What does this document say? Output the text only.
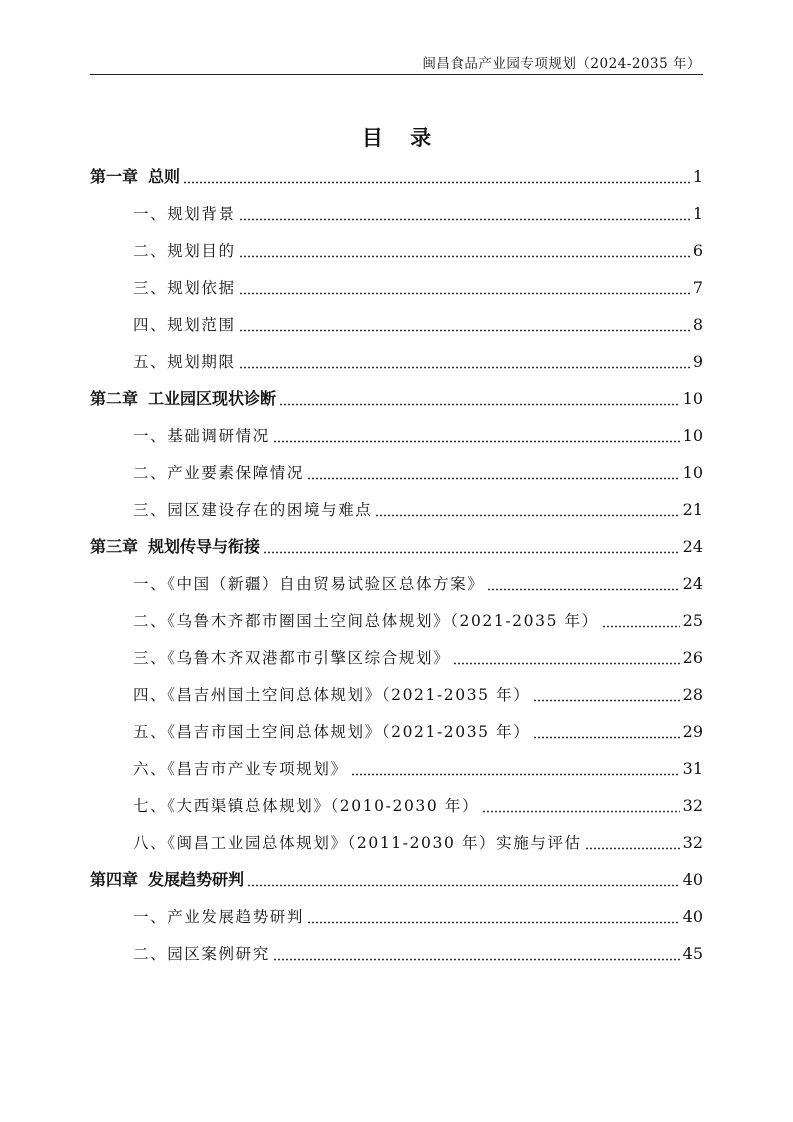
闽昌食品产业园专项规划（2024-2035 年）
目 录
第一章 总则	1
一、规划背景	1
二、规划目的	6
三、规划依据	7
四、规划范围	8
五、规划期限	9
第二章 工业园区现状诊断	10
一、基础调研情况	10
二、产业要素保障情况	10
三、园区建设存在的困境与难点	21
第三章 规划传导与衔接	24
一、《中国（新疆）自由贸易试验区总体方案》	24
二、《乌鲁木齐都市圈国土空间总体规划》（2021-2035 年）	25
三、《乌鲁木齐双港都市引擎区综合规划》	26
四、《昌吉州国土空间总体规划》（2021-2035 年）	28
五、《昌吉市国土空间总体规划》（2021-2035 年）	29
六、《昌吉市产业专项规划》	31
七、《大西渠镇总体规划》（2010-2030 年）	32
八、《闽昌工业园总体规划》（2011-2030 年）实施与评估	32
第四章 发展趋势研判	40
一、产业发展趋势研判	40
二、园区案例研究	45
